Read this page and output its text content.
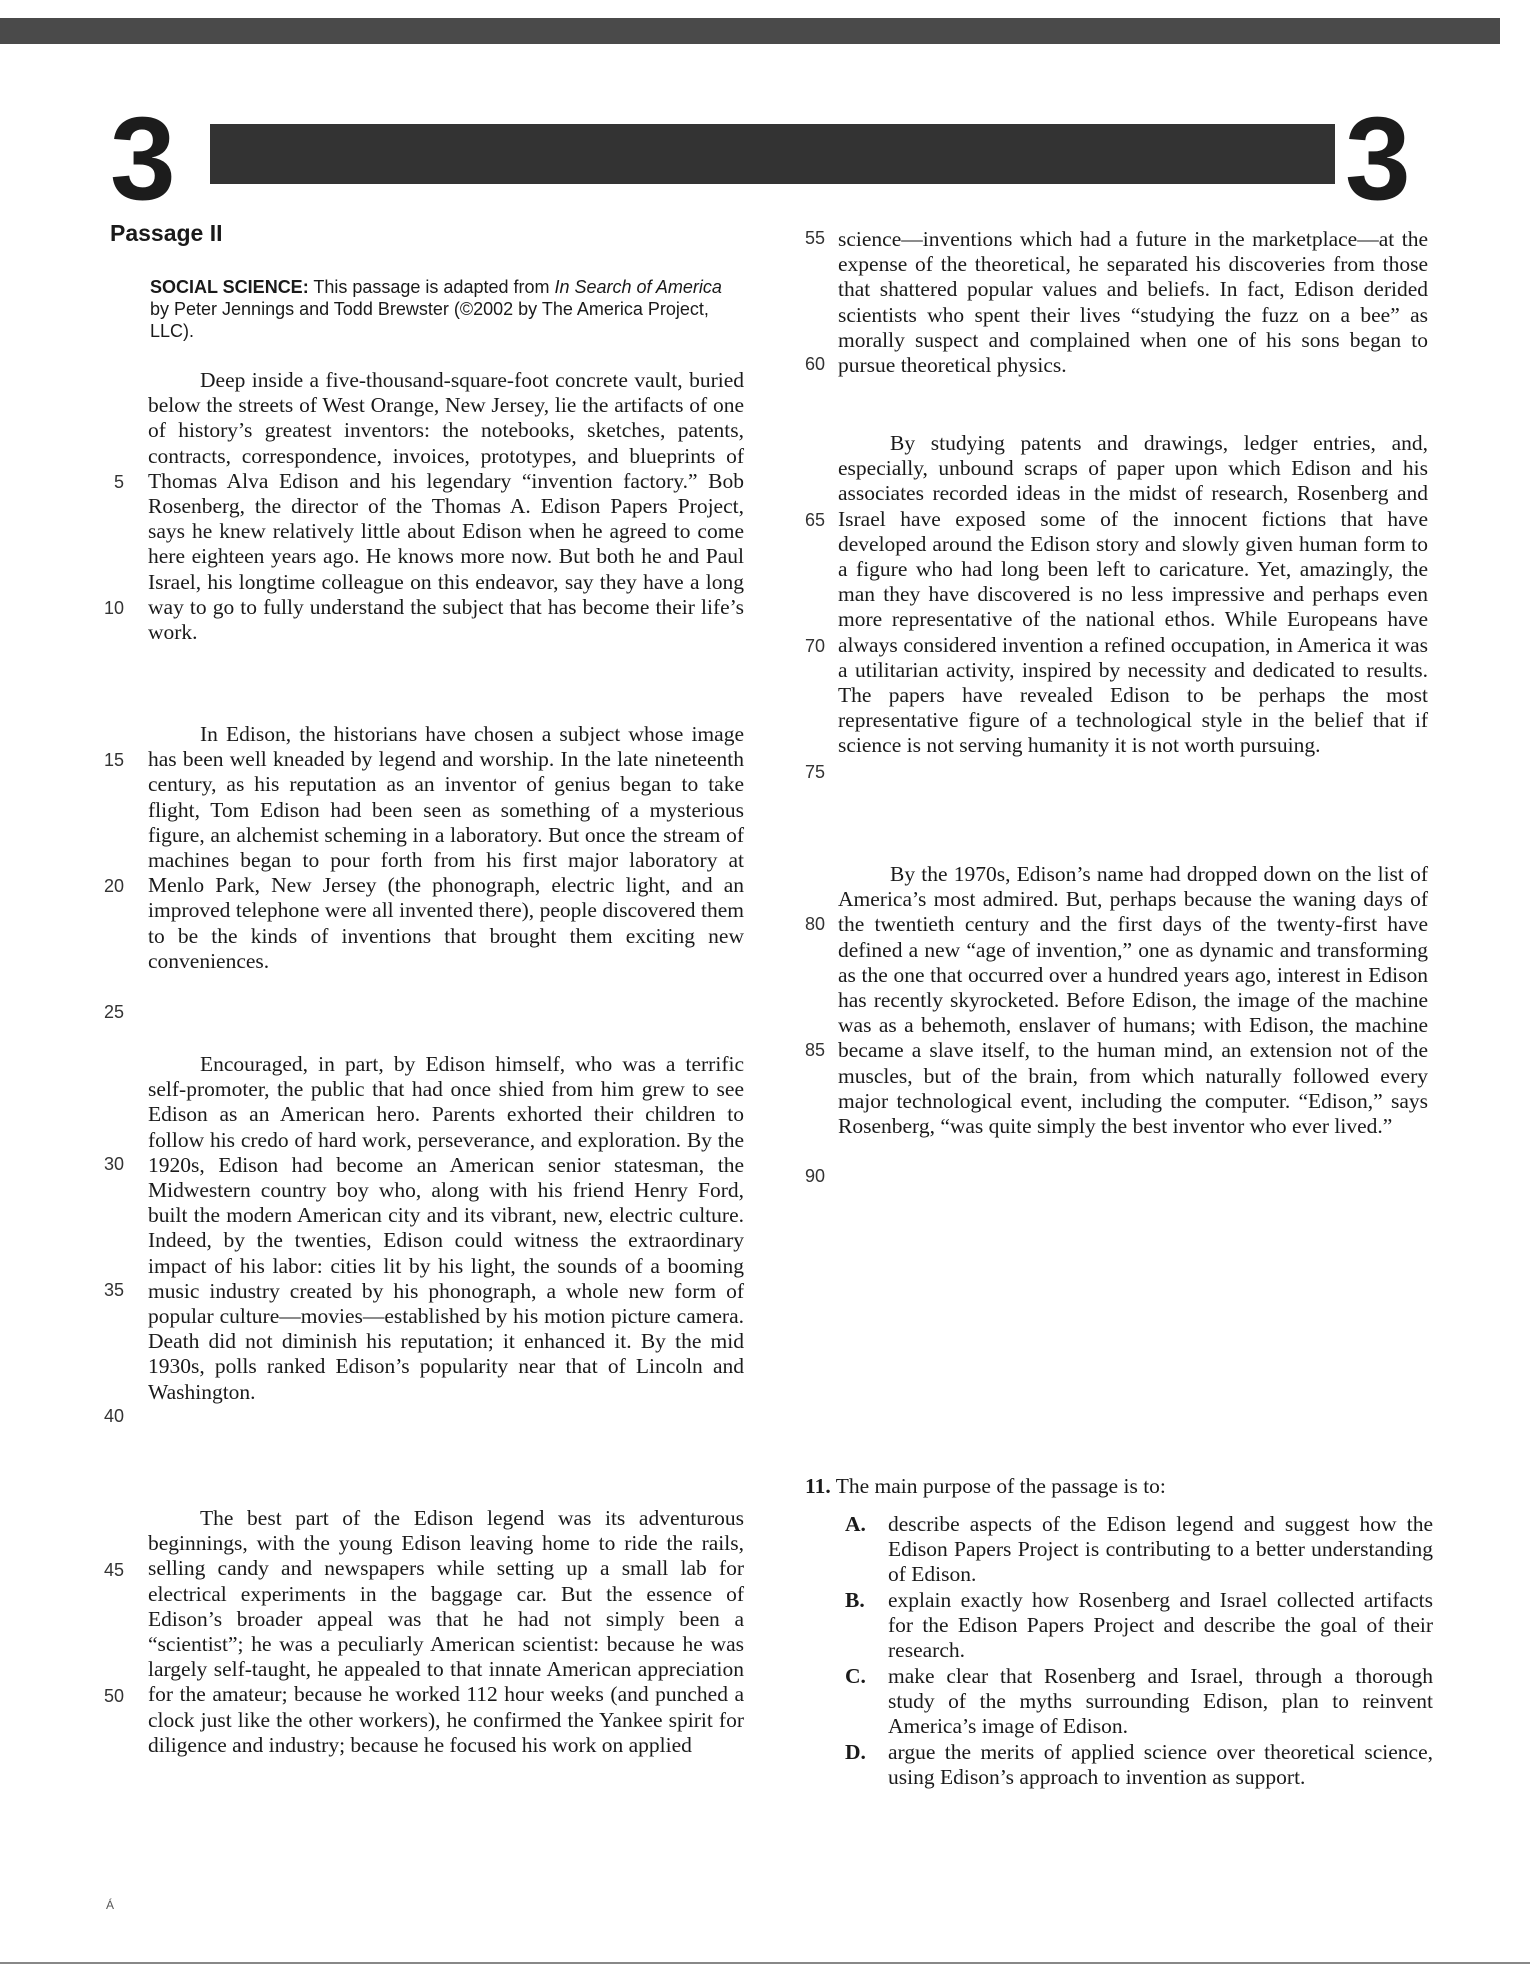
3	3
Passage II
SOCIAL SCIENCE: This passage is adapted from In Search of America by Peter Jennings and Todd Brewster (©2002 by The America Project, LLC).
Deep inside a five-thousand-square-foot concrete vault, buried below the streets of West Orange, New Jersey, lie the artifacts of one of history’s greatest inventors: the notebooks, sketches, patents, contracts, correspondence, invoices, prototypes, and blueprints of Thomas Alva Edison and his legendary “invention factory.” Bob Rosenberg, the director of the Thomas A. Edison Papers Project, says he knew relatively little about Edison when he agreed to come here eighteen years ago. He knows more now. But both he and Paul Israel, his longtime colleague on this endeavor, say they have a long way to go to fully understand the subject that has become their life’s work.
In Edison, the historians have chosen a subject whose image has been well kneaded by legend and worship. In the late nineteenth century, as his reputation as an inventor of genius began to take flight, Tom Edison had been seen as something of a mysterious figure, an alchemist scheming in a laboratory. But once the stream of machines began to pour forth from his first major laboratory at Menlo Park, New Jersey (the phonograph, electric light, and an improved telephone were all invented there), people discovered them to be the kinds of inventions that brought them exciting new conveniences.
Encouraged, in part, by Edison himself, who was a terrific self-promoter, the public that had once shied from him grew to see Edison as an American hero. Parents exhorted their children to follow his credo of hard work, perseverance, and exploration. By the 1920s, Edison had become an American senior statesman, the Midwestern country boy who, along with his friend Henry Ford, built the modern American city and its vibrant, new, electric culture. Indeed, by the twenties, Edison could witness the extraordinary impact of his labor: cities lit by his light, the sounds of a booming music industry created by his phonograph, a whole new form of popular culture—movies—established by his motion picture camera. Death did not diminish his reputation; it enhanced it. By the mid 1930s, polls ranked Edison’s popularity near that of Lincoln and Washington.
The best part of the Edison legend was its adventurous beginnings, with the young Edison leaving home to ride the rails, selling candy and newspapers while setting up a small lab for electrical experiments in the baggage car. But the essence of Edison’s broader appeal was that he had not simply been a “scientist”; he was a peculiarly American scientist: because he was largely self-taught, he appealed to that innate American appreciation for the amateur; because he worked 112 hour weeks (and punched a clock just like the other workers), he confirmed the Yankee spirit for diligence and industry; because he focused his work on applied
science—inventions which had a future in the marketplace—at the expense of the theoretical, he separated his discoveries from those that shattered popular values and beliefs. In fact, Edison derided scientists who spent their lives “studying the fuzz on a bee” as morally suspect and complained when one of his sons began to pursue theoretical physics.
By studying patents and drawings, ledger entries, and, especially, unbound scraps of paper upon which Edison and his associates recorded ideas in the midst of research, Rosenberg and Israel have exposed some of the innocent fictions that have developed around the Edison story and slowly given human form to a figure who had long been left to caricature. Yet, amazingly, the man they have discovered is no less impressive and perhaps even more representative of the national ethos. While Europeans have always considered invention a refined occupation, in America it was a utilitarian activity, inspired by necessity and dedicated to results. The papers have revealed Edison to be perhaps the most representative figure of a technological style in the belief that if science is not serving humanity it is not worth pursuing.
By the 1970s, Edison’s name had dropped down on the list of America’s most admired. But, perhaps because the waning days of the twentieth century and the first days of the twenty-first have defined a new “age of invention,” one as dynamic and transforming as the one that occurred over a hundred years ago, interest in Edison has recently skyrocketed. Before Edison, the image of the machine was as a behemoth, enslaver of humans; with Edison, the machine became a slave itself, to the human mind, an extension not of the muscles, but of the brain, from which naturally followed every major technological event, including the computer. “Edison,” says Rosenberg, “was quite simply the best inventor who ever lived.”
5
10
15
20
25
30
35
40
45
50
55
60
65
70
75
80
85
90
11. The main purpose of the passage is to:
A. describe aspects of the Edison legend and suggest how the Edison Papers Project is contributing to a better understanding of Edison.
B. explain exactly how Rosenberg and Israel collected artifacts for the Edison Papers Project and describe the goal of their research.
C. make clear that Rosenberg and Israel, through a thorough study of the myths surrounding Edison, plan to reinvent America’s image of Edison.
D. argue the merits of applied science over theoretical science, using Edison’s approach to invention as support.
Á
